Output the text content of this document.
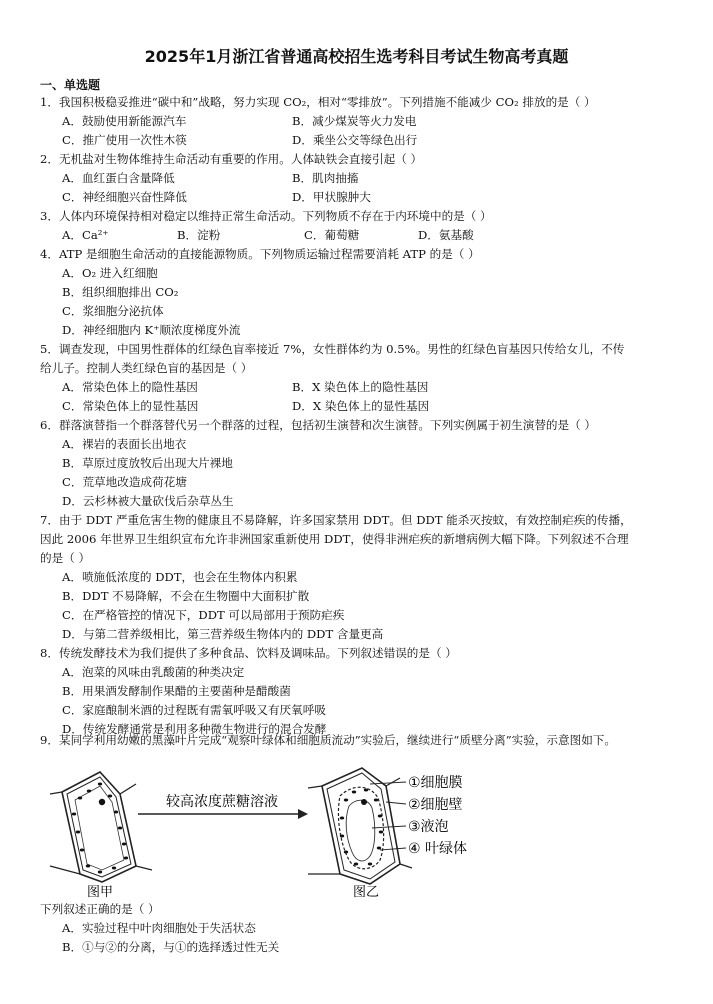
2025年1月浙江省普通高校招生选考科目考试生物高考真题
一、单选题
1．我国积极稳妥推进“碳中和”战略，努力实现 CO₂，相对“零排放”。下列措施不能减少 CO₂ 排放的是（ ）
A．鼓励使用新能源汽车	B．减少煤炭等火力发电
C．推广使用一次性木筷	D．乘坐公交等绿色出行
2．无机盐对生物体维持生命活动有重要的作用。人体缺铁会直接引起（ ）
A．血红蛋白含量降低	B．肌肉抽搐
C．神经细胞兴奋性降低	D．甲状腺肿大
3．人体内环境保持相对稳定以维持正常生命活动。下列物质不存在于内环境中的是（ ）
A．Ca²⁺	B．淀粉	C．葡萄糖	D．氨基酸
4．ATP 是细胞生命活动的直接能源物质。下列物质运输过程需要消耗 ATP 的是（ ）
A．O₂ 进入红细胞
B．组织细胞排出 CO₂
C．浆细胞分泌抗体
D．神经细胞内 K⁺顺浓度梯度外流
5．调查发现，中国男性群体的红绿色盲率接近 7%，女性群体约为 0.5%。男性的红绿色盲基因只传给女儿，不传
给儿子。控制人类红绿色盲的基因是（ ）
A．常染色体上的隐性基因	B．X 染色体上的隐性基因
C．常染色体上的显性基因	D．X 染色体上的显性基因
6．群落演替指一个群落替代另一个群落的过程，包括初生演替和次生演替。下列实例属于初生演替的是（ ）
A．裸岩的表面长出地衣
B．草原过度放牧后出现大片裸地
C．荒草地改造成荷花塘
D．云杉林被大量砍伐后杂草丛生
7．由于 DDT 严重危害生物的健康且不易降解，许多国家禁用 DDT。但 DDT 能杀灭按蚊，有效控制疟疾的传播，
因此 2006 年世界卫生组织宣布允许非洲国家重新使用 DDT，使得非洲疟疾的新增病例大幅下降。下列叙述不合理
的是（ ）
A．喷施低浓度的 DDT，也会在生物体内积累
B．DDT 不易降解，不会在生物圈中大面积扩散
C．在严格管控的情况下，DDT 可以局部用于预防疟疾
D．与第二营养级相比，第三营养级生物体内的 DDT 含量更高
8．传统发酵技术为我们提供了多种食品、饮料及调味品。下列叙述错误的是（ ）
A．泡菜的风味由乳酸菌的种类决定
B．用果酒发酵制作果醋的主要菌种是醋酸菌
C．家庭酿制米酒的过程既有需氧呼吸又有厌氧呼吸
D．传统发酵通常是利用多种微生物进行的混合发酵
9．某同学利用幼嫩的黑藻叶片完成“观察叶绿体和细胞质流动”实验后，继续进行“质壁分离”实验，示意图如下。
较高浓度蔗糖溶液
①细胞膜
②细胞壁
③液泡
④ 叶绿体
图甲	图乙
下列叙述正确的是（ ）
A．实验过程中叶肉细胞处于失活状态
B．①与②的分离，与①的选择透过性无关
